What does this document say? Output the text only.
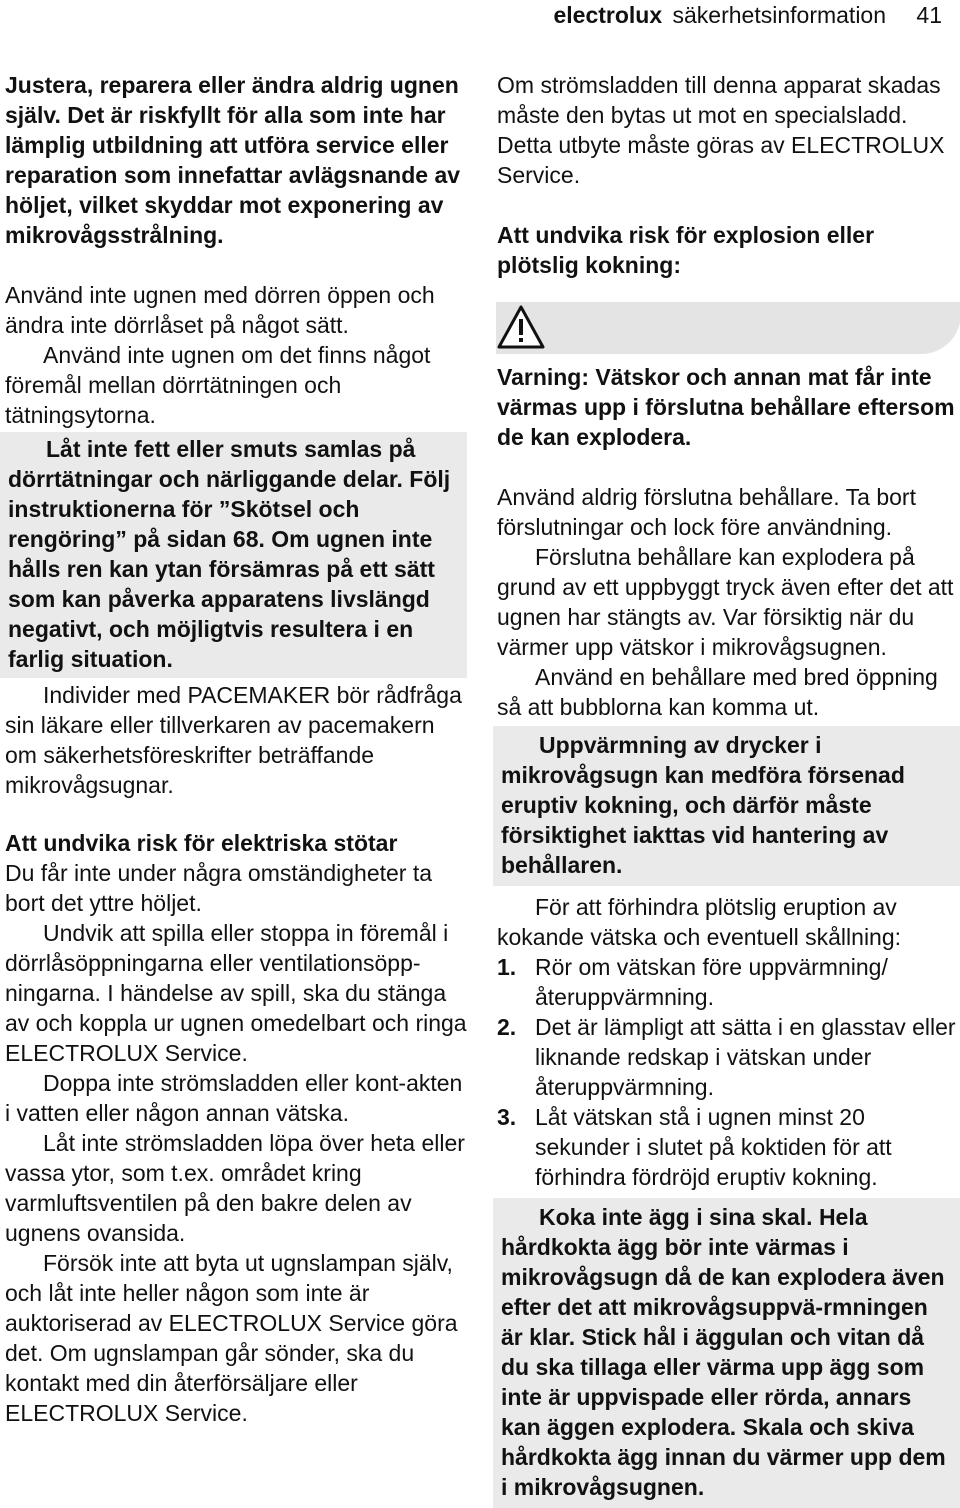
electrolux säkerhetsinformation 41

Justera, reparera eller ändra aldrig ugnen själv. Det är riskfyllt för alla som inte har lämplig utbildning att utföra service eller reparation som innefattar avlägsnande av höljet, vilket skyddar mot exponering av mikrovågsstrålning.

Använd inte ugnen med dörren öppen och ändra inte dörrlåset på något sätt.

Använd inte ugnen om det finns något föremål mellan dörrtätningen och tätningsytorna.

Låt inte fett eller smuts samlas på dörrtätningar och närliggande delar. Följ instruktionerna för ”Skötsel och rengöring” på sidan 68. Om ugnen inte hålls ren kan ytan försämras på ett sätt som kan påverka apparatens livslängd negativt, och möjligtvis resultera i en farlig situation.

Individer med PACEMAKER bör rådfråga sin läkare eller tillverkaren av pacemakern om säkerhetsföreskrifter beträffande mikrovågsugnar.

Att undvika risk för elektriska stötar

Du får inte under några omständigheter ta bort det yttre höljet.

Undvik att spilla eller stoppa in föremål i dörrlåsöppningarna eller ventilationsöpp-ningarna. I händelse av spill, ska du stänga av och koppla ur ugnen omedelbart och ringa ELECTROLUX Service.

Doppa inte strömsladden eller kont-akten i vatten eller någon annan vätska.

Låt inte strömsladden löpa över heta eller vassa ytor, som t.ex. området kring varmluftsventilen på den bakre delen av ugnens ovansida.

Försök inte att byta ut ugnslampan själv, och låt inte heller någon som inte är auktoriserad av ELECTROLUX Service göra det. Om ugnslampan går sönder, ska du kontakt med din återförsäljare eller ELECTROLUX Service.

Om strömsladden till denna apparat skadas måste den bytas ut mot en specialsladd. Detta utbyte måste göras av ELECTROLUX Service.

Att undvika risk för explosion eller plötslig kokning:

Varning: Vätskor och annan mat får inte värmas upp i förslutna behållare eftersom de kan explodera.

Använd aldrig förslutna behållare. Ta bort förslutningar och lock före användning.

Förslutna behållare kan explodera på grund av ett uppbyggt tryck även efter det att ugnen har stängts av. Var försiktig när du värmer upp vätskor i mikrovågsugnen.

Använd en behållare med bred öppning så att bubblorna kan komma ut.

Uppvärmning av drycker i mikrovågsugn kan medföra försenad eruptiv kokning, och därför måste försiktighet iakttas vid hantering av behållaren.

För att förhindra plötslig eruption av kokande vätska och eventuell skållning:

1. Rör om vätskan före uppvärmning/ återuppvärmning.
2. Det är lämpligt att sätta i en glasstav eller liknande redskap i vätskan under återuppvärmning.
3. Låt vätskan stå i ugnen minst 20 sekunder i slutet på koktiden för att förhindra fördröjd eruptiv kokning.
Koka inte ägg i sina skal. Hela hårdkokta ägg bör inte värmas i mikrovågsugn då de kan explodera även efter det att mikrovågsuppvä-rmningen är klar. Stick hål i äggulan och vitan då du ska tillaga eller värma upp ägg som inte är uppvispade eller rörda, annars kan äggen explodera. Skala och skiva hårdkokta ägg innan du värmer upp dem i mikrovågsugnen.
